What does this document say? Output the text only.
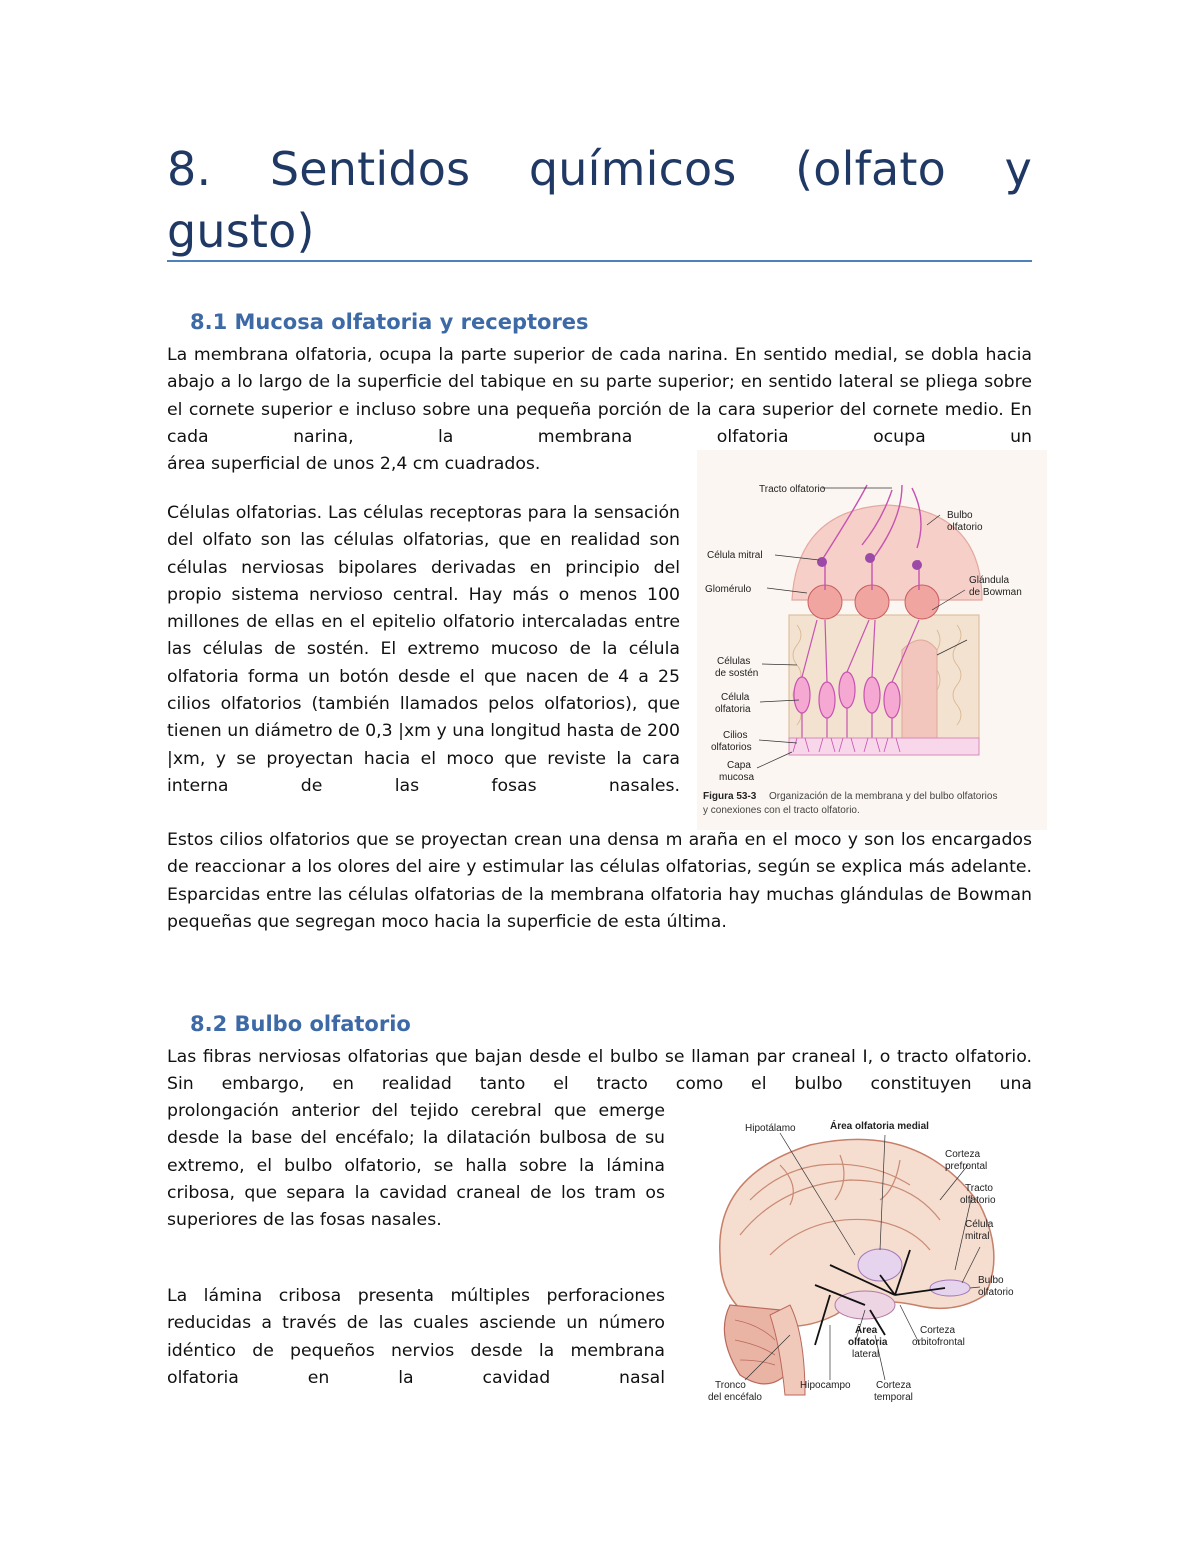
8. Sentidos químicos (olfato y
gusto)
8.1 Mucosa olfatoria y receptores
La membrana olfatoria, ocupa la parte superior de cada narina. En sentido medial, se dobla hacia abajo a lo largo de la superficie del tabique en su parte superior; en sentido lateral se pliega sobre el cornete superior e incluso sobre una pequeña porción de la cara superior del cornete medio. En cada narina, la membrana olfatoria ocupa un
área superficial de unos 2,4 cm cuadrados.
Células olfatorias. Las células receptoras para la sensación del olfato son las células olfatorias, que en realidad son células nerviosas bipolares derivadas en principio del propio sistema nervioso central. Hay más o menos 100 millones de ellas en el epitelio olfatorio intercaladas entre las células de sostén. El extremo mucoso de la célula olfatoria forma un botón desde el que nacen de 4 a 25 cilios olfatorios (también llamados pelos olfatorios), que tienen un diámetro de 0,3 |xm y una longitud hasta de 200 |xm, y se proyectan hacia el moco que reviste la cara interna de las fosas nasales.
Estos cilios olfatorios que se proyectan crean una densa m araña en el moco y son los encargados de reaccionar a los olores del aire y estimular las células olfatorias, según se explica más adelante. Esparcidas entre las células olfatorias de la membrana olfatoria hay muchas glándulas de Bowman pequeñas que segregan moco hacia la superficie de esta última.
Tracto olfatorio
Bulbo
olfatorio
Célula mitral
Glomérulo
Glándula
de Bowman
Células
de sostén
Célula
olfatoria
Cilios
olfatorios
Capa
mucosa
Figura 53-3 Organización de la membrana y del bulbo olfatorios
y conexiones con el tracto olfatorio.
8.2 Bulbo olfatorio
Las fibras nerviosas olfatorias que bajan desde el bulbo se llaman par craneal I, o tracto olfatorio. Sin embargo, en realidad tanto el tracto como el bulbo constituyen una
prolongación anterior del tejido cerebral que emerge desde la base del encéfalo; la dilatación bulbosa de su extremo, el bulbo olfatorio, se halla sobre la lámina cribosa, que separa la cavidad craneal de los tram os superiores de las fosas nasales.
La lámina cribosa presenta múltiples perforaciones reducidas a través de las cuales asciende un número idéntico de pequeños nervios desde la membrana olfatoria en la cavidad nasal
Hipotálamo	Área olfatoria medial
Corteza
prefrontal
Tracto
olfatorio
Célula
mitral
Bulbo
olfatorio
Área
olfatoria
lateral
Corteza
orbitofrontal
Tronco
del encéfalo
Hipocampo	Corteza
temporal
